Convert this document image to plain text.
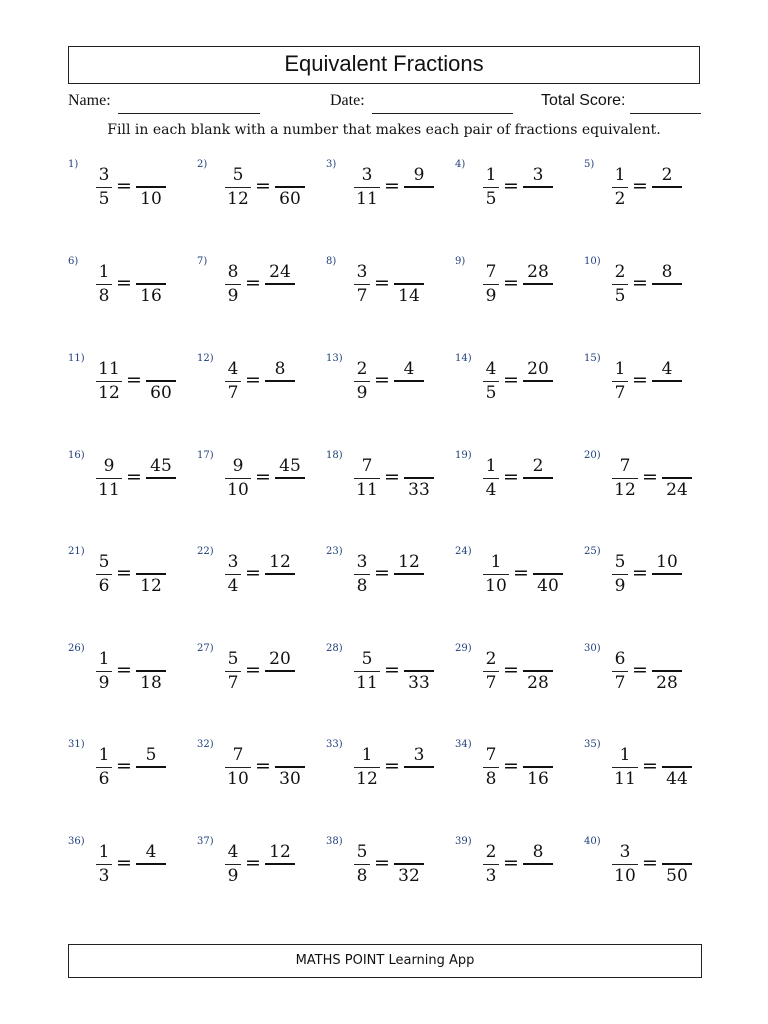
Equivalent Fractions
Name:	Date:	Total Score:
Fill in each blank with a number that makes each pair of fractions equivalent.
1)
3
5
=
10
2)
5
12
=
60
3)
3
11
= 9
4)
1
5
= 3
5)
1
2
= 2
6)
1
8
=
16
7)
8
9
= 24
8)
3
7
=
14
9)
7
9
= 28
10)
2
5
= 8
11)
11
12
=
60
12)
4
7
= 8
13)
2
9
= 4
14)
4
5
= 20
15)
1
7
= 4
16)
9
11
= 45
17)
9
10
= 45
18)
7
11
=
33
19)
1
4
= 2
20)
7
12
=
24
21)
5
6
=
12
22)
3
4
= 12
23)
3
8
= 12
24)
1
10
=
40
25)
5
9
= 10
26)
1
9
=
18
27)
5
7
= 20
28)
5
11
=
33
29)
2
7
=
28
30)
6
7
=
28
31)
1
6
= 5
32)
7
10
=
30
33)
1
12
= 3
34)
7
8
=
16
35)
1
11
=
44
36)
1
3
= 4
37)
4
9
= 12
38)
5
8
=
32
39)
2
3
= 8
40)
3
10
=
50
MATHS POINT Learning App
